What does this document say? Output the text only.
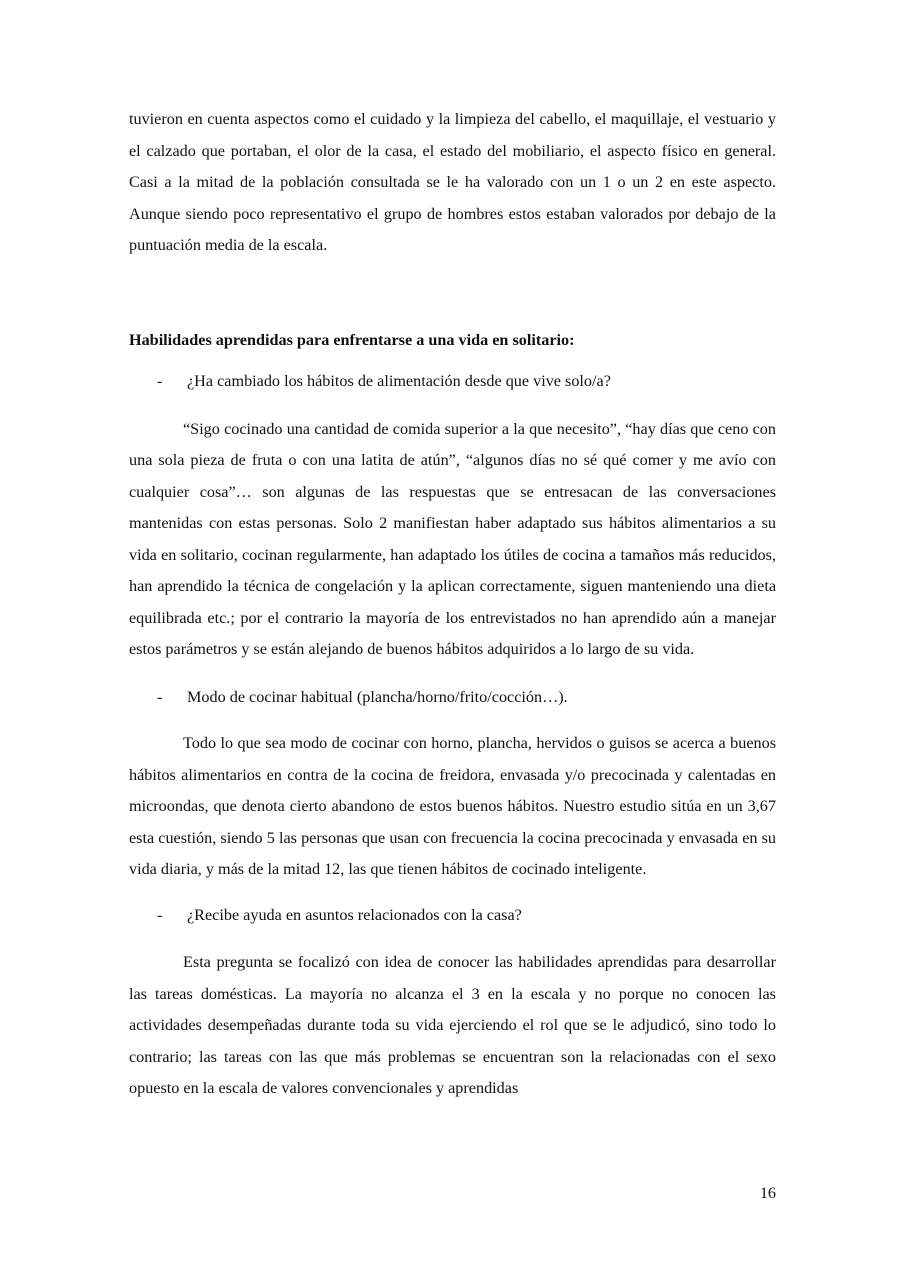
tuvieron en cuenta aspectos como el cuidado y la limpieza del cabello, el maquillaje, el vestuario y el calzado que portaban, el olor de la casa, el estado del mobiliario, el aspecto físico en general. Casi a la mitad de la población consultada se le ha valorado con un 1 o un 2 en este aspecto. Aunque siendo poco representativo el grupo de hombres estos estaban valorados por debajo de la puntuación media de la escala.

Habilidades aprendidas para enfrentarse a una vida en solitario:

-	¿Ha cambiado los hábitos de alimentación desde que vive solo/a?

“Sigo cocinado una cantidad de comida superior a la que necesito”, “hay días que ceno con una sola pieza de fruta o con una latita de atún”, “algunos días no sé qué comer y me avío con cualquier cosa”… son algunas de las respuestas que se entresacan de las conversaciones mantenidas con estas personas. Solo 2 manifiestan haber adaptado sus hábitos alimentarios a su vida en solitario, cocinan regularmente, han adaptado los útiles de cocina a tamaños más reducidos, han aprendido la técnica de congelación y la aplican correctamente, siguen manteniendo una dieta equilibrada etc.; por el contrario la mayoría de los entrevistados no han aprendido aún a manejar estos parámetros y se están alejando de buenos hábitos adquiridos a lo largo de su vida.

-	Modo de cocinar habitual (plancha/horno/frito/cocción…).

Todo lo que sea modo de cocinar con horno, plancha, hervidos o guisos se acerca a buenos hábitos alimentarios en contra de la cocina de freidora, envasada y/o precocinada y calentadas en microondas, que denota cierto abandono de estos buenos hábitos. Nuestro estudio sitúa en un 3,67 esta cuestión, siendo 5 las personas que usan con frecuencia la cocina precocinada y envasada en su vida diaria, y más de la mitad 12, las que tienen hábitos de cocinado inteligente.

-	¿Recibe ayuda en asuntos relacionados con la casa?

Esta pregunta se focalizó con idea de conocer las habilidades aprendidas para desarrollar las tareas domésticas. La mayoría no alcanza el 3 en la escala y no porque no conocen las actividades desempeñadas durante toda su vida ejerciendo el rol que se le adjudicó, sino todo lo contrario; las tareas con las que más problemas se encuentran son la relacionadas con el sexo opuesto en la escala de valores convencionales y aprendidas

16
